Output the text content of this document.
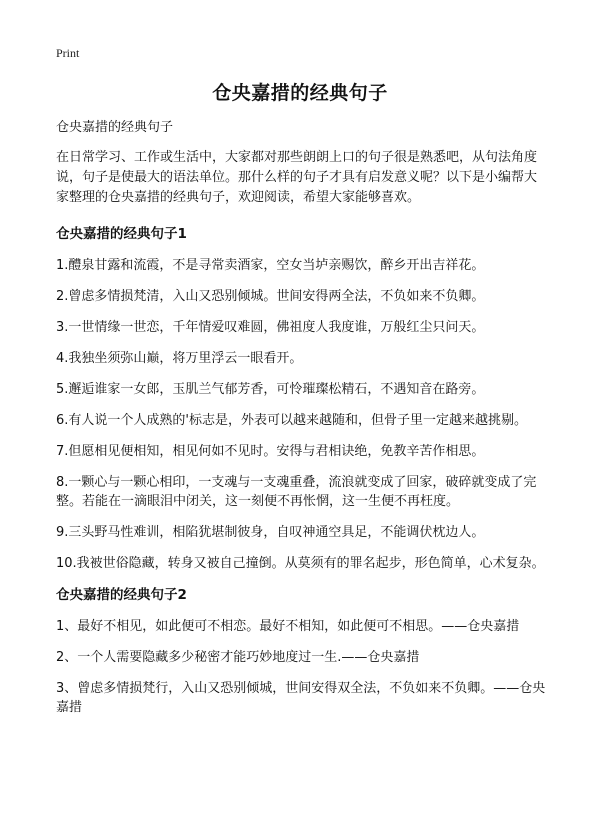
Print
仓央嘉措的经典句子

仓央嘉措的经典句子

在日常学习、工作或生活中，大家都对那些朗朗上口的句子很是熟悉吧，从句法角度说，句子是使最大的语法单位。那什么样的句子才具有启发意义呢？以下是小编帮大家整理的仓央嘉措的经典句子，欢迎阅读，希望大家能够喜欢。

仓央嘉措的经典句子1

1.醴泉甘露和流霞，不是寻常卖酒家，空女当垆亲赐饮，醉乡开出吉祥花。

2.曾虑多情损梵清，入山又恐别倾城。世间安得两全法，不负如来不负卿。

3.一世情缘一世恋，千年情爱叹难圆，佛祖度人我度谁，万般红尘只问天。

4.我独坐须弥山巅，将万里浮云一眼看开。

5.邂逅谁家一女郎，玉肌兰气郁芳香，可怜璀璨松精石，不遇知音在路旁。

6.有人说一个人成熟的'标志是，外表可以越来越随和，但骨子里一定越来越挑剔。

7.但愿相见便相知，相见何如不见时。安得与君相诀绝，免教辛苦作相思。

8.一颗心与一颗心相印，一支魂与一支魂重叠，流浪就变成了回家，破碎就变成了完整。若能在一滴眼泪中闭关，这一刻便不再怅惘，这一生便不再枉度。

9.三头野马性难训，相陷犹堪制彼身，自叹神通空具足，不能调伏枕边人。

10.我被世俗隐藏，转身又被自己撞倒。从莫须有的罪名起步，形色简单，心术复杂。

仓央嘉措的经典句子2

1、最好不相见，如此便可不相恋。最好不相知，如此便可不相思。——仓央嘉措

2、一个人需要隐藏多少秘密才能巧妙地度过一生.——仓央嘉措

3、曾虑多情损梵行，入山又恐别倾城，世间安得双全法，不负如来不负卿。——仓央嘉措
